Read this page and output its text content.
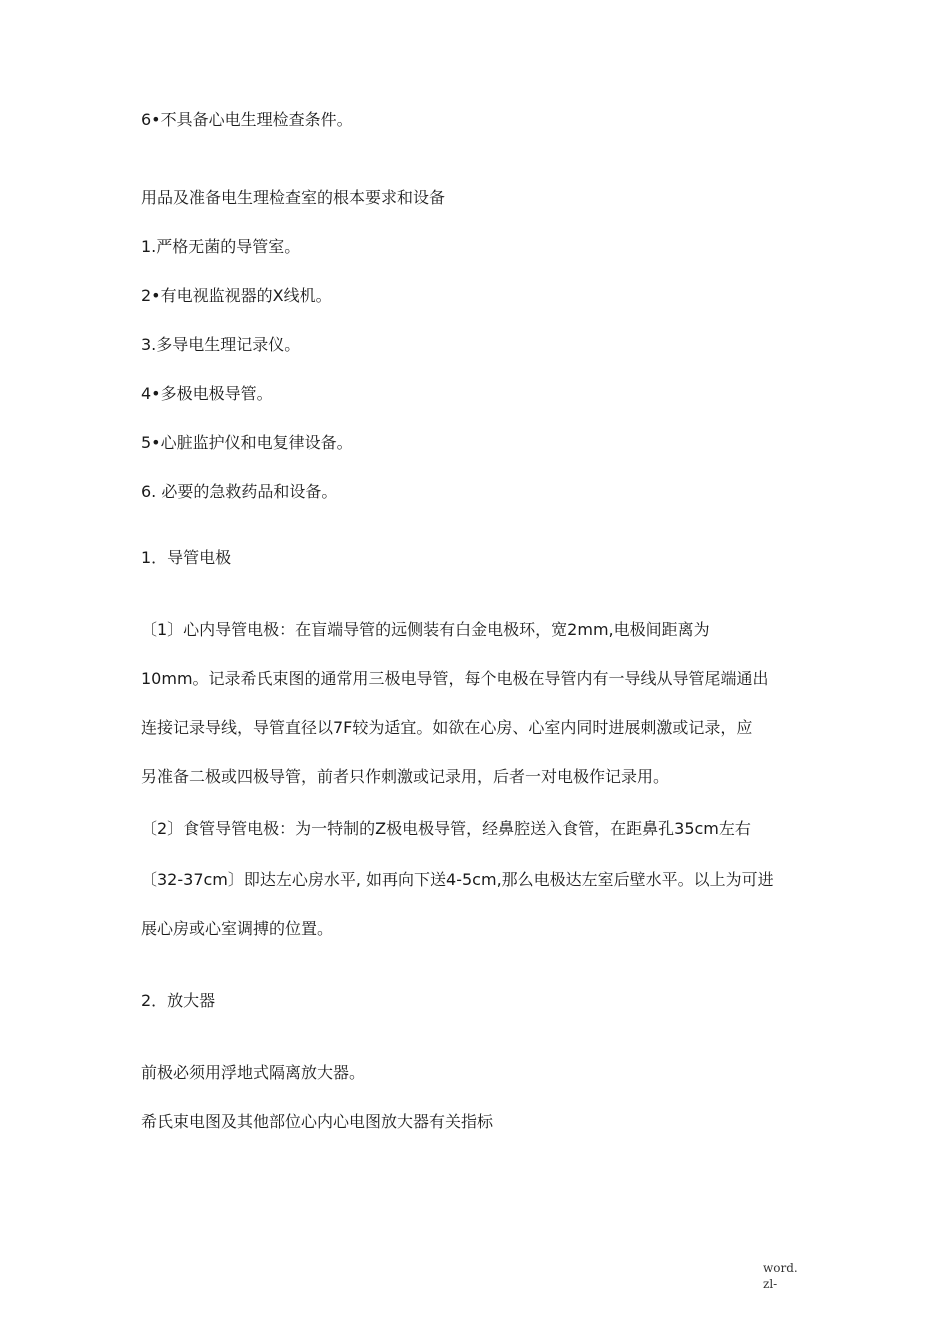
6•不具备心电生理检查条件。
用品及准备电生理检查室的根本要求和设备
1.严格无菌的导管室。
2•有电视监视器的X线机。
3.多导电生理记录仪。
4•多极电极导管。
5•心脏监护仪和电复律设备。
6. 必要的急救药品和设备。
1．导管电极
〔1〕心内导管电极：在盲端导管的远侧装有白金电极环，宽2mm,电极间距离为
10mm。记录希氏束图的通常用三极电导管，每个电极在导管内有一导线从导管尾端通出
连接记录导线，导管直径以7F较为适宜。如欲在心房、心室内同时进展刺激或记录，应
另准备二极或四极导管，前者只作刺激或记录用，后者一对电极作记录用。
〔2〕食管导管电极：为一特制的Z极电极导管，经鼻腔送入食管，在距鼻孔35cm左右
〔32-37cm〕即达左心房水平, 如再向下送4-5cm,那么电极达左室后壁水平。以上为可进
展心房或心室调搏的位置。
2．放大器
前极必须用浮地式隔离放大器。
希氏束电图及其他部位心内心电图放大器有关指标
word.
zl-
